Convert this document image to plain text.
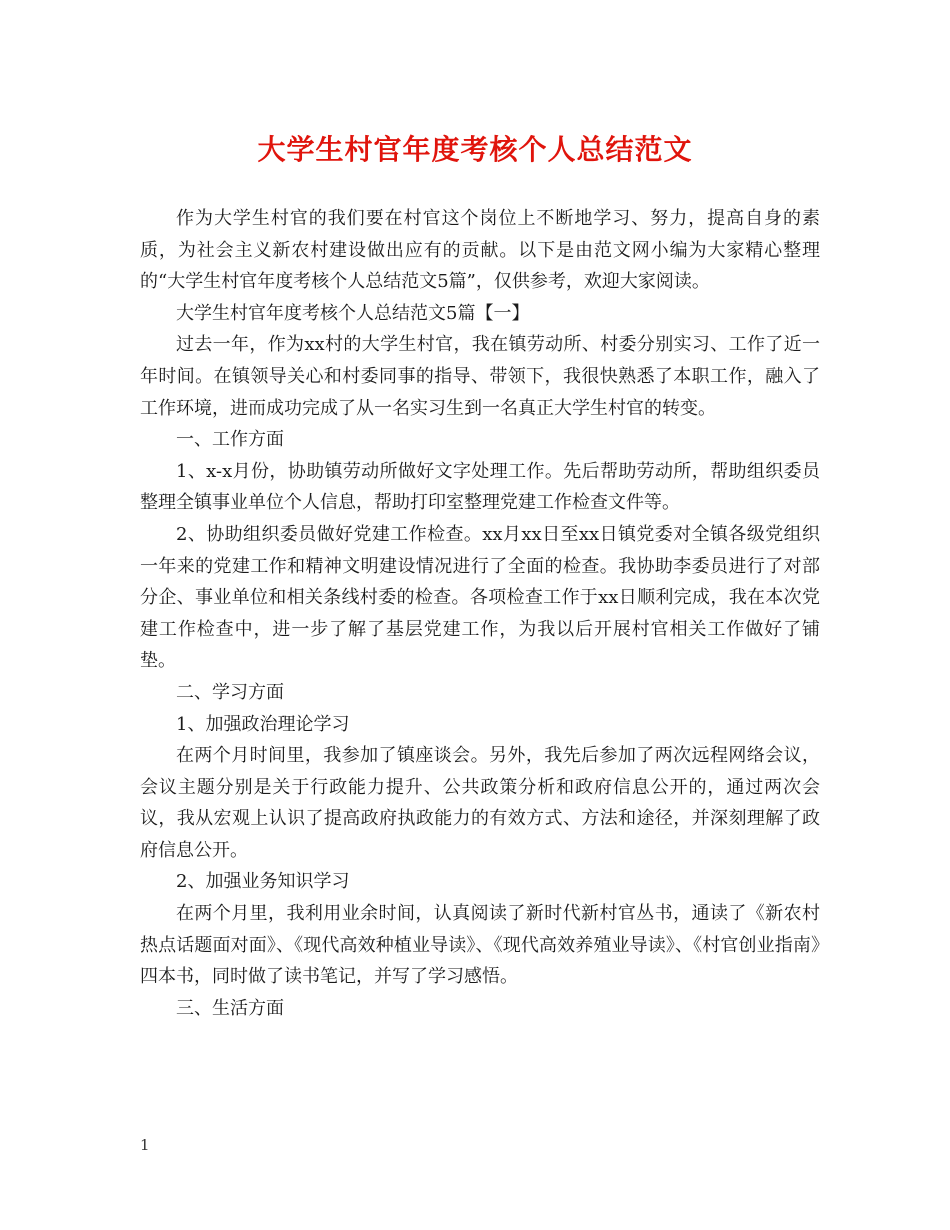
大学生村官年度考核个人总结范文

作为大学生村官的我们要在村官这个岗位上不断地学习、努力，提高自身的素质，为社会主义新农村建设做出应有的贡献。以下是由范文网小编为大家精心整理的“大学生村官年度考核个人总结范文5篇”，仅供参考，欢迎大家阅读。

大学生村官年度考核个人总结范文5篇【一】

过去一年，作为xx村的大学生村官，我在镇劳动所、村委分别实习、工作了近一年时间。在镇领导关心和村委同事的指导、带领下，我很快熟悉了本职工作，融入了工作环境，进而成功完成了从一名实习生到一名真正大学生村官的转变。

一、工作方面

1、x-x月份，协助镇劳动所做好文字处理工作。先后帮助劳动所，帮助组织委员整理全镇事业单位个人信息，帮助打印室整理党建工作检查文件等。

2、协助组织委员做好党建工作检查。xx月xx日至xx日镇党委对全镇各级党组织一年来的党建工作和精神文明建设情况进行了全面的检查。我协助李委员进行了对部分企、事业单位和相关条线村委的检查。各项检查工作于xx日顺利完成，我在本次党建工作检查中，进一步了解了基层党建工作，为我以后开展村官相关工作做好了铺垫。

二、学习方面

1、加强政治理论学习

在两个月时间里，我参加了镇座谈会。另外，我先后参加了两次远程网络会议，会议主题分别是关于行政能力提升、公共政策分析和政府信息公开的，通过两次会议，我从宏观上认识了提高政府执政能力的有效方式、方法和途径，并深刻理解了政府信息公开。

2、加强业务知识学习

在两个月里，我利用业余时间，认真阅读了新时代新村官丛书，通读了《新农村热点话题面对面》、《现代高效种植业导读》、《现代高效养殖业导读》、《村官创业指南》四本书，同时做了读书笔记，并写了学习感悟。

三、生活方面

1
